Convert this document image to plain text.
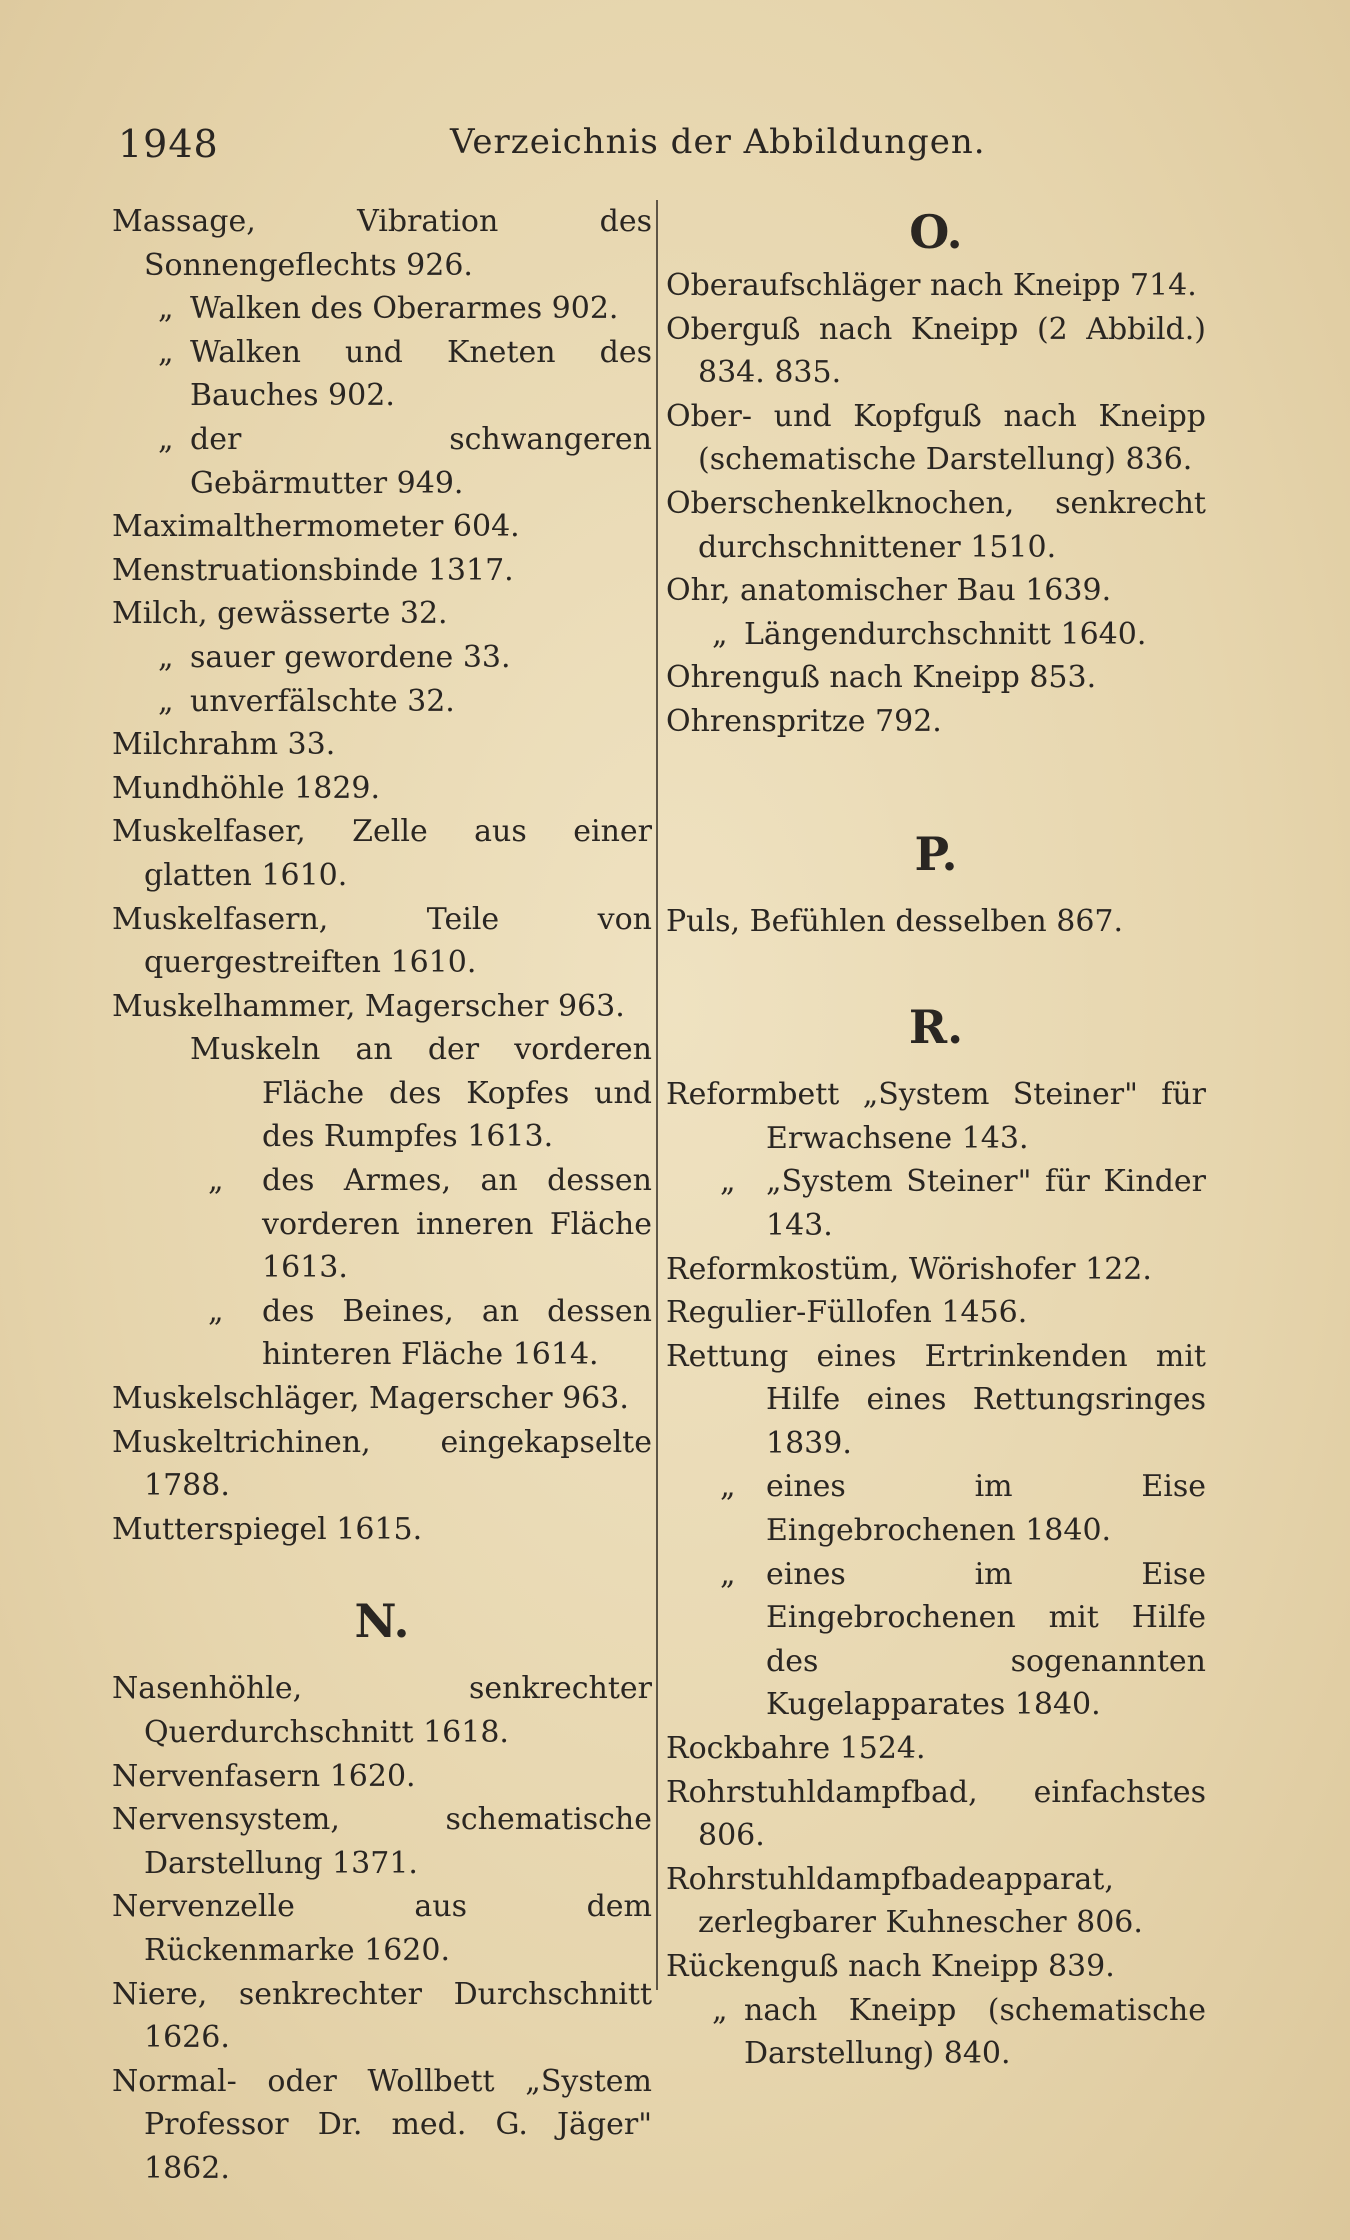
1948	Verzeichnis der Abbildungen.

Massage, Vibration des Sonnengeflechts 926.

„ Walken des Oberarmes 902.

„ Walken und Kneten des Bauches 902.

„ der schwangeren Gebärmutter 949.

Maximalthermometer 604.

Menstruationsbinde 1317.

Milch, gewässerte 32.

„ sauer gewordene 33.

„ unverfälschte 32.

Milchrahm 33.

Mundhöhle 1829.

Muskelfaser, Zelle aus einer glatten 1610.

Muskelfasern, Teile von quergestreiften 1610.

Muskelhammer, Magerscher 963.

Muskeln an der vorderen Fläche des Kopfes und des Rumpfes 1613.

„ des Armes, an dessen vorderen inneren Fläche 1613.

„ des Beines, an dessen hinteren Fläche 1614.

Muskelschläger, Magerscher 963.

Muskeltrichinen, eingekapselte 1788.

Mutterspiegel 1615.

N.

Nasenhöhle, senkrechter Querdurchschnitt 1618.

Nervenfasern 1620.

Nervensystem, schematische Darstellung 1371.

Nervenzelle aus dem Rückenmarke 1620.

Niere, senkrechter Durchschnitt 1626.

Normal- oder Wollbett „System Professor Dr. med. G. Jäger" 1862.

O.

Oberaufschläger nach Kneipp 714.

Oberguß nach Kneipp (2 Abbild.) 834. 835.

Ober- und Kopfguß nach Kneipp (schematische Darstellung) 836.

Oberschenkelknochen, senkrecht durchschnittener 1510.

Ohr, anatomischer Bau 1639.

„ Längendurchschnitt 1640.

Ohrenguß nach Kneipp 853.

Ohrenspritze 792.

P.

Puls, Befühlen desselben 867.

R.

Reformbett „System Steiner" für Erwachsene 143.

„ „System Steiner" für Kinder 143.

Reformkostüm, Wörishofer 122.

Regulier-Füllofen 1456.

Rettung eines Ertrinkenden mit Hilfe eines Rettungsringes 1839.

„ eines im Eise Eingebrochenen 1840.

„ eines im Eise Eingebrochenen mit Hilfe des sogenannten Kugelapparates 1840.

Rockbahre 1524.

Rohrstuhldampfbad, einfachstes 806.

Rohrstuhldampfbadeapparat, zerlegbarer Kuhnescher 806.

Rückenguß nach Kneipp 839.

„ nach Kneipp (schematische Darstellung) 840.
